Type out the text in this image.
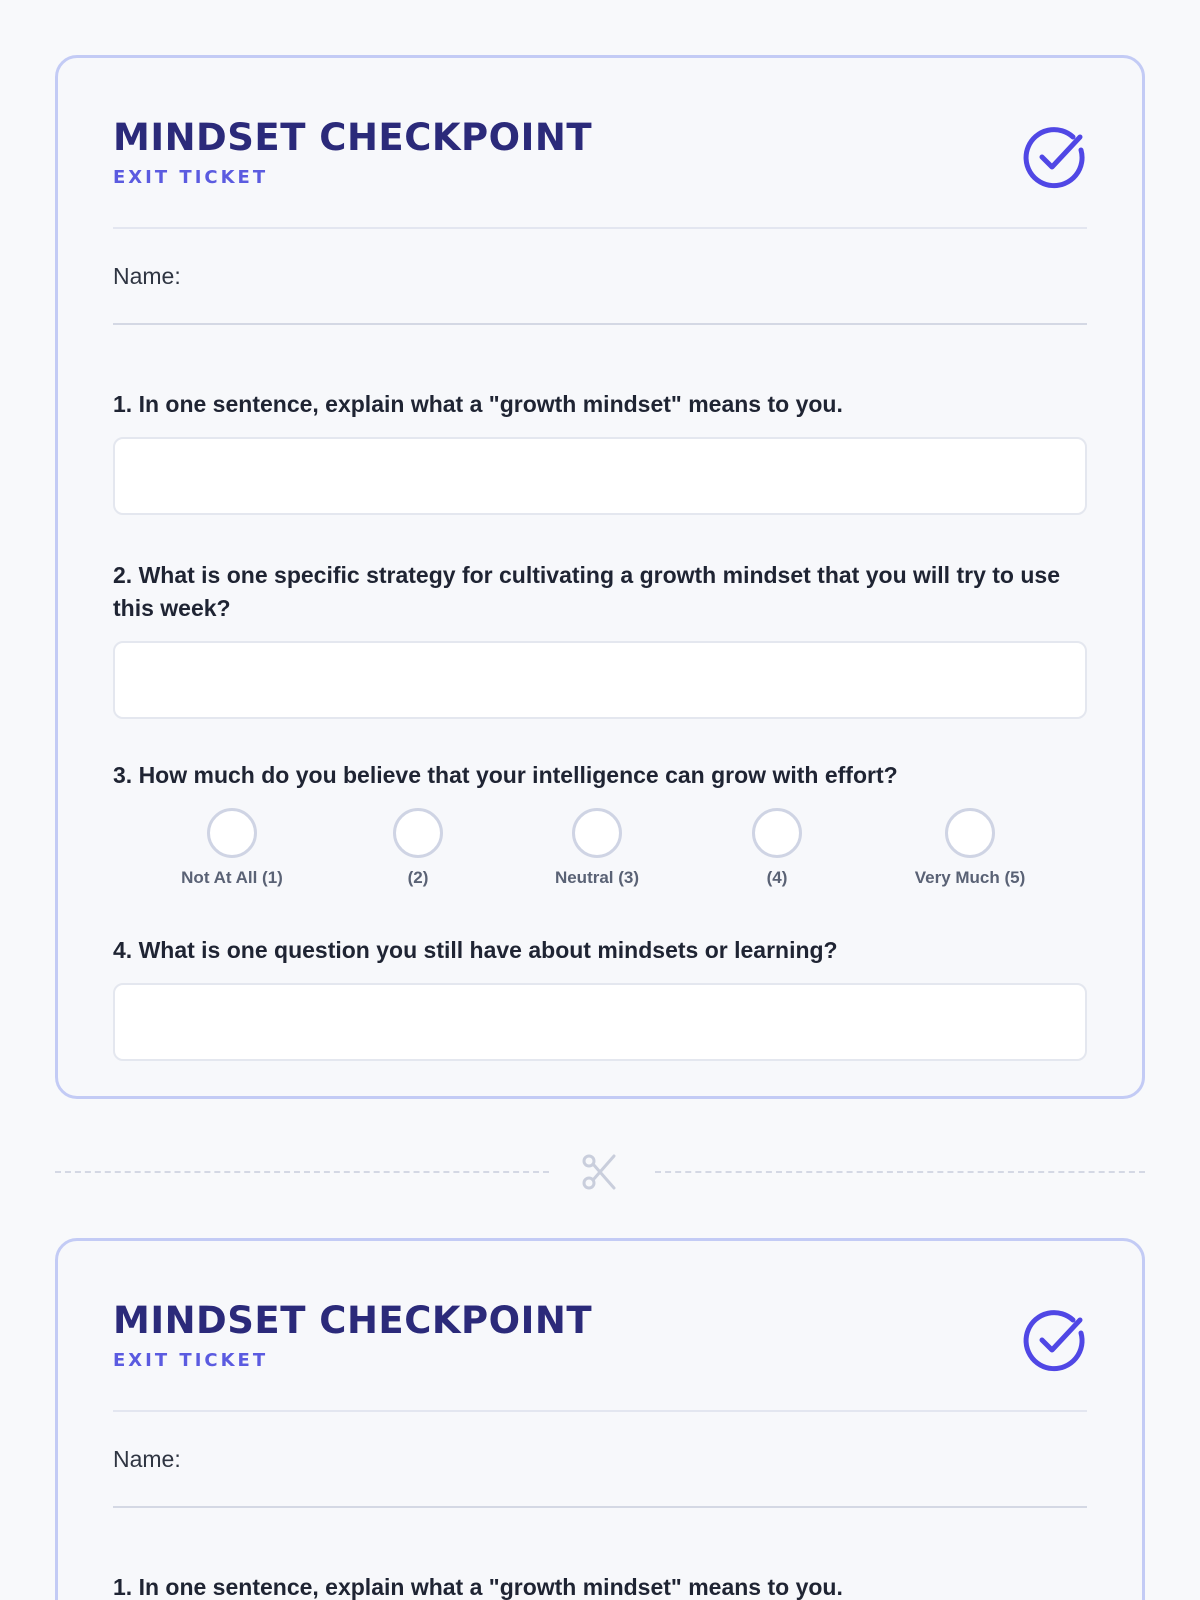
MINDSET CHECKPOINT
EXIT TICKET
Name:
1. In one sentence, explain what a "growth mindset" means to you.
2. What is one specific strategy for cultivating a growth mindset that you will try to use this week?
3. How much do you believe that your intelligence can grow with effort?
Not At All (1)	(2)	Neutral (3)	(4)	Very Much (5)
4. What is one question you still have about mindsets or learning?
MINDSET CHECKPOINT
EXIT TICKET
Name:
1. In one sentence, explain what a "growth mindset" means to you.
